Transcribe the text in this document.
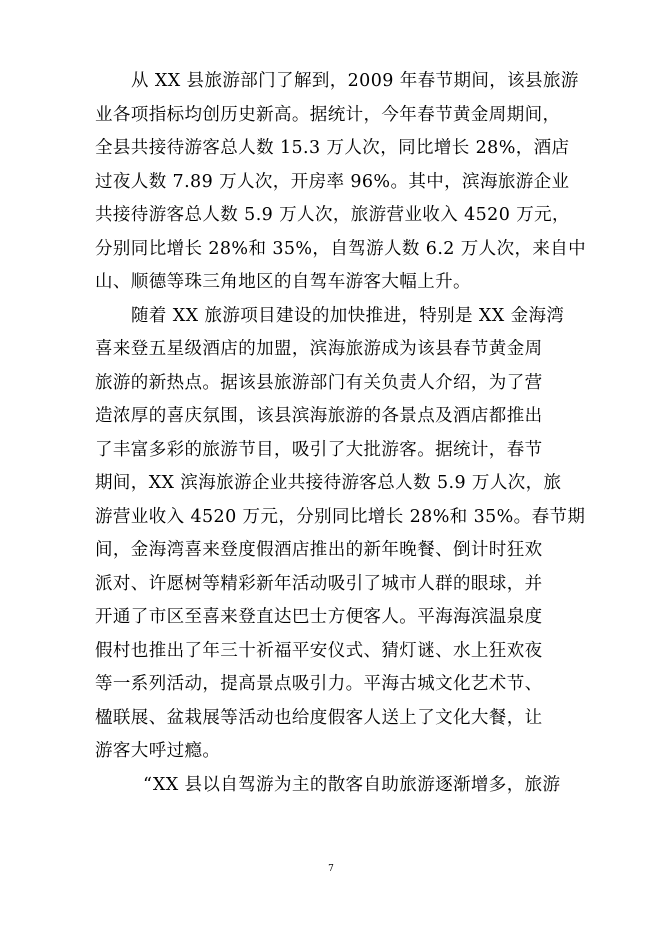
从 XX 县旅游部门了解到，2009 年春节期间，该县旅游
业各项指标均创历史新高。据统计，今年春节黄金周期间，
全县共接待游客总人数 15.3 万人次，同比增长 28%，酒店
过夜人数 7.89 万人次，开房率 96%。其中，滨海旅游企业
共接待游客总人数 5.9 万人次，旅游营业收入 4520 万元，
分别同比增长 28%和 35%，自驾游人数 6.2 万人次，来自中
山、顺德等珠三角地区的自驾车游客大幅上升。
随着 XX 旅游项目建设的加快推进，特别是 XX 金海湾
喜来登五星级酒店的加盟，滨海旅游成为该县春节黄金周
旅游的新热点。据该县旅游部门有关负责人介绍，为了营
造浓厚的喜庆氛围，该县滨海旅游的各景点及酒店都推出
了丰富多彩的旅游节目，吸引了大批游客。据统计，春节
期间，XX 滨海旅游企业共接待游客总人数 5.9 万人次，旅
游营业收入 4520 万元，分别同比增长 28%和 35%。春节期
间，金海湾喜来登度假酒店推出的新年晚餐、倒计时狂欢
派对、许愿树等精彩新年活动吸引了城市人群的眼球，并
开通了市区至喜来登直达巴士方便客人。平海海滨温泉度
假村也推出了年三十祈福平安仪式、猜灯谜、水上狂欢夜
等一系列活动，提高景点吸引力。平海古城文化艺术节、
楹联展、盆栽展等活动也给度假客人送上了文化大餐，让
游客大呼过瘾。
“XX 县以自驾游为主的散客自助旅游逐渐增多，旅游
7
